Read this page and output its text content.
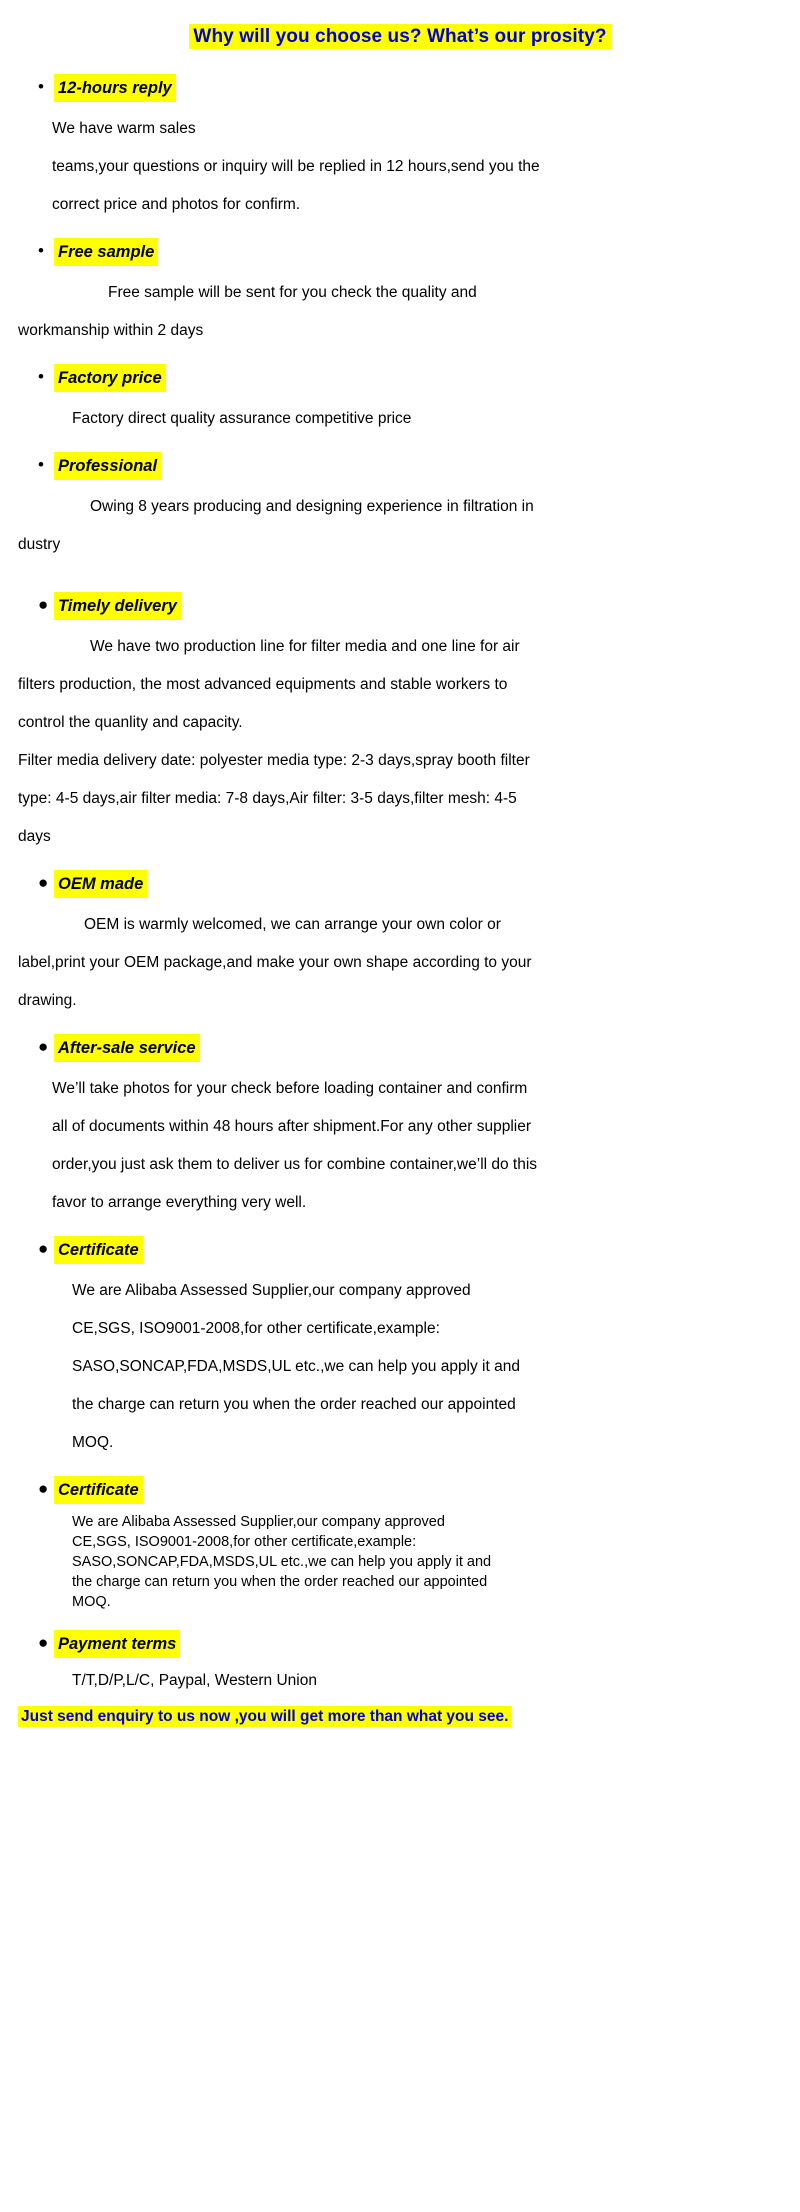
Why will you choose us? What’s our prosity?
• 12-hours reply
We have warm sales
teams,your questions or inquiry will be replied in 12 hours,send you the
correct price and photos for confirm.
• Free sample
Free sample will be sent for you check the quality and
workmanship within 2 days
• Factory price
Factory direct quality assurance competitive price
• Professional
Owing 8 years producing and designing experience in filtration in
dustry
● Timely delivery
We have two production line for filter media and one line for air
filters production, the most advanced equipments and stable workers to
control the quanlity and capacity.
Filter media delivery date: polyester media type: 2-3 days,spray booth filter
type: 4-5 days,air filter media: 7-8 days,Air filter: 3-5 days,filter mesh: 4-5
days
● OEM made
OEM is warmly welcomed, we can arrange your own color or
label,print your OEM package,and make your own shape according to your
drawing.
● After-sale service
We’ll take photos for your check before loading container and confirm
all of documents within 48 hours after shipment.For any other supplier
order,you just ask them to deliver us for combine container,we’ll do this
favor to arrange everything very well.
● Certificate
We are Alibaba Assessed Supplier,our company approved
CE,SGS, ISO9001-2008,for other certificate,example:
SASO,SONCAP,FDA,MSDS,UL etc.,we can help you apply it and
the charge can return you when the order reached our appointed
MOQ.
● Certificate
We are Alibaba Assessed Supplier,our company approved
CE,SGS, ISO9001-2008,for other certificate,example:
SASO,SONCAP,FDA,MSDS,UL etc.,we can help you apply it and
the charge can return you when the order reached our appointed
MOQ.
● Payment terms
T/T,D/P,L/C, Paypal, Western Union
Just send enquiry to us now ,you will get more than what you see.
